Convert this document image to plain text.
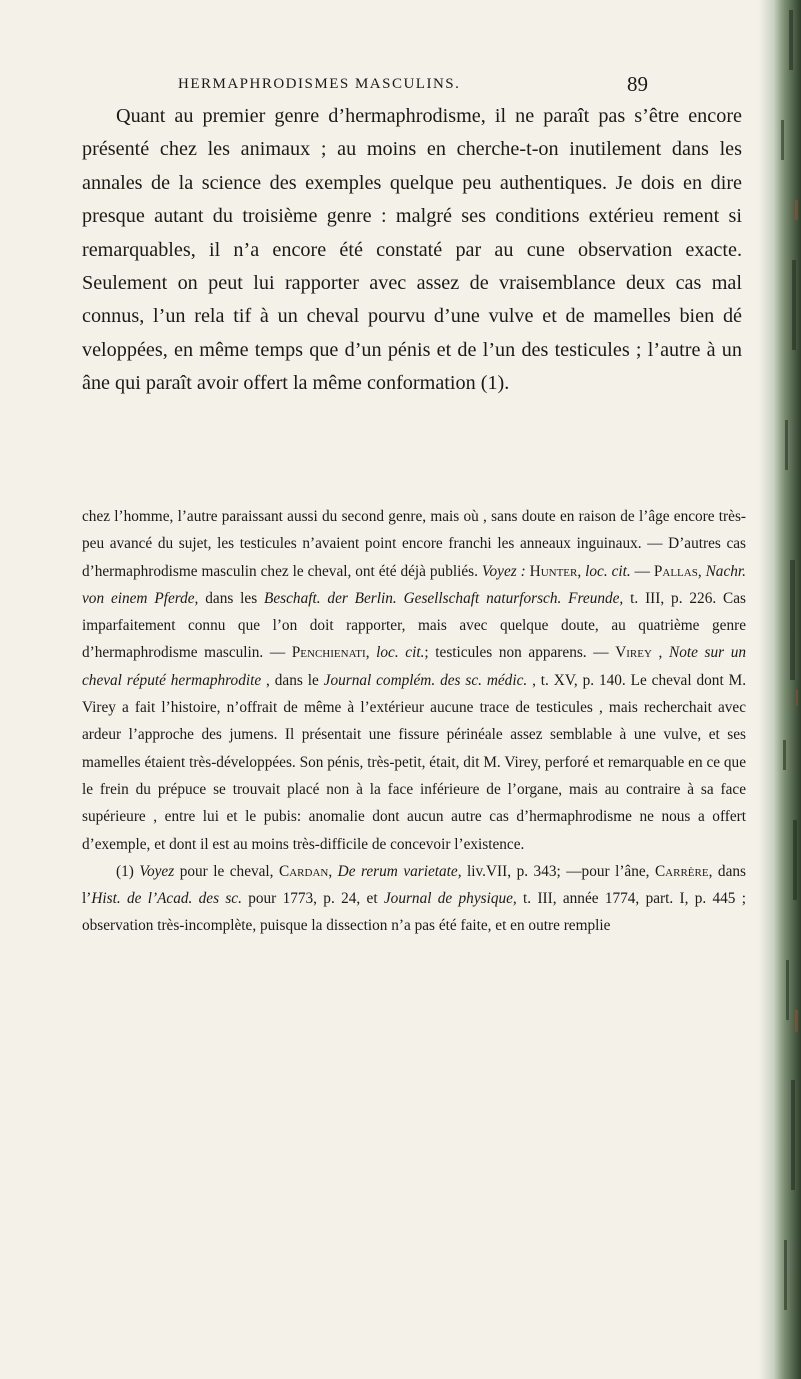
HERMAPHRODISMES MASCULINS.	89

Quant au premier genre d’hermaphrodisme, il ne paraît pas s’être encore présenté chez les animaux ; au moins en cherche-t-on inutilement dans les annales de la science des exemples quelque peu authentiques. Je dois en dire presque autant du troisième genre : malgré ses conditions extérieu rement si remarquables, il n’a encore été constaté par au cune observation exacte. Seulement on peut lui rapporter avec assez de vraisemblance deux cas mal connus, l’un rela tif à un cheval pourvu d’une vulve et de mamelles bien dé veloppées, en même temps que d’un pénis et de l’un des testicules ; l’autre à un âne qui paraît avoir offert la même conformation (1).

chez l’homme, l’autre paraissant aussi du second genre, mais où , sans doute en raison de l’âge encore très-peu avancé du sujet, les testicules n’avaient point encore franchi les anneaux inguinaux. — D’autres cas d’hermaphrodisme masculin chez le cheval, ont été déjà publiés. Voyez : Hunter, loc. cit. — Pallas, Nachr. von einem Pferde, dans les Beschaft. der Berlin. Gesellschaft naturforsch. Freunde, t. III, p. 226. Cas imparfaitement connu que l’on doit rapporter, mais avec quelque doute, au quatrième genre d’hermaphrodisme masculin. — Penchienati, loc. cit.; testicules non apparens. — Virey , Note sur un cheval réputé hermaphrodite , dans le Journal complém. des sc. médic. , t. XV, p. 140. Le cheval dont M. Virey a fait l’histoire, n’offrait de même à l’extérieur aucune trace de testicules , mais recherchait avec ardeur l’approche des jumens. Il présentait une fissure périnéale assez semblable à une vulve, et ses mamelles étaient très-développées. Son pénis, très-petit, était, dit M. Virey, perforé et remarquable en ce que le frein du prépuce se trouvait placé non à la face inférieure de l’organe, mais au contraire à sa face supérieure , entre lui et le pubis: anomalie dont aucun autre cas d’hermaphrodisme ne nous a offert d’exemple, et dont il est au moins très-difficile de concevoir l’existence.

(1) Voyez pour le cheval, Cardan, De rerum varietate, liv.VII, p. 343; —pour l’âne, Carrère, dans l’Hist. de l’Acad. des sc. pour 1773, p. 24, et Journal de physique, t. III, année 1774, part. I, p. 445 ; observation très-incomplète, puisque la dissection n’a pas été faite, et en outre remplie
